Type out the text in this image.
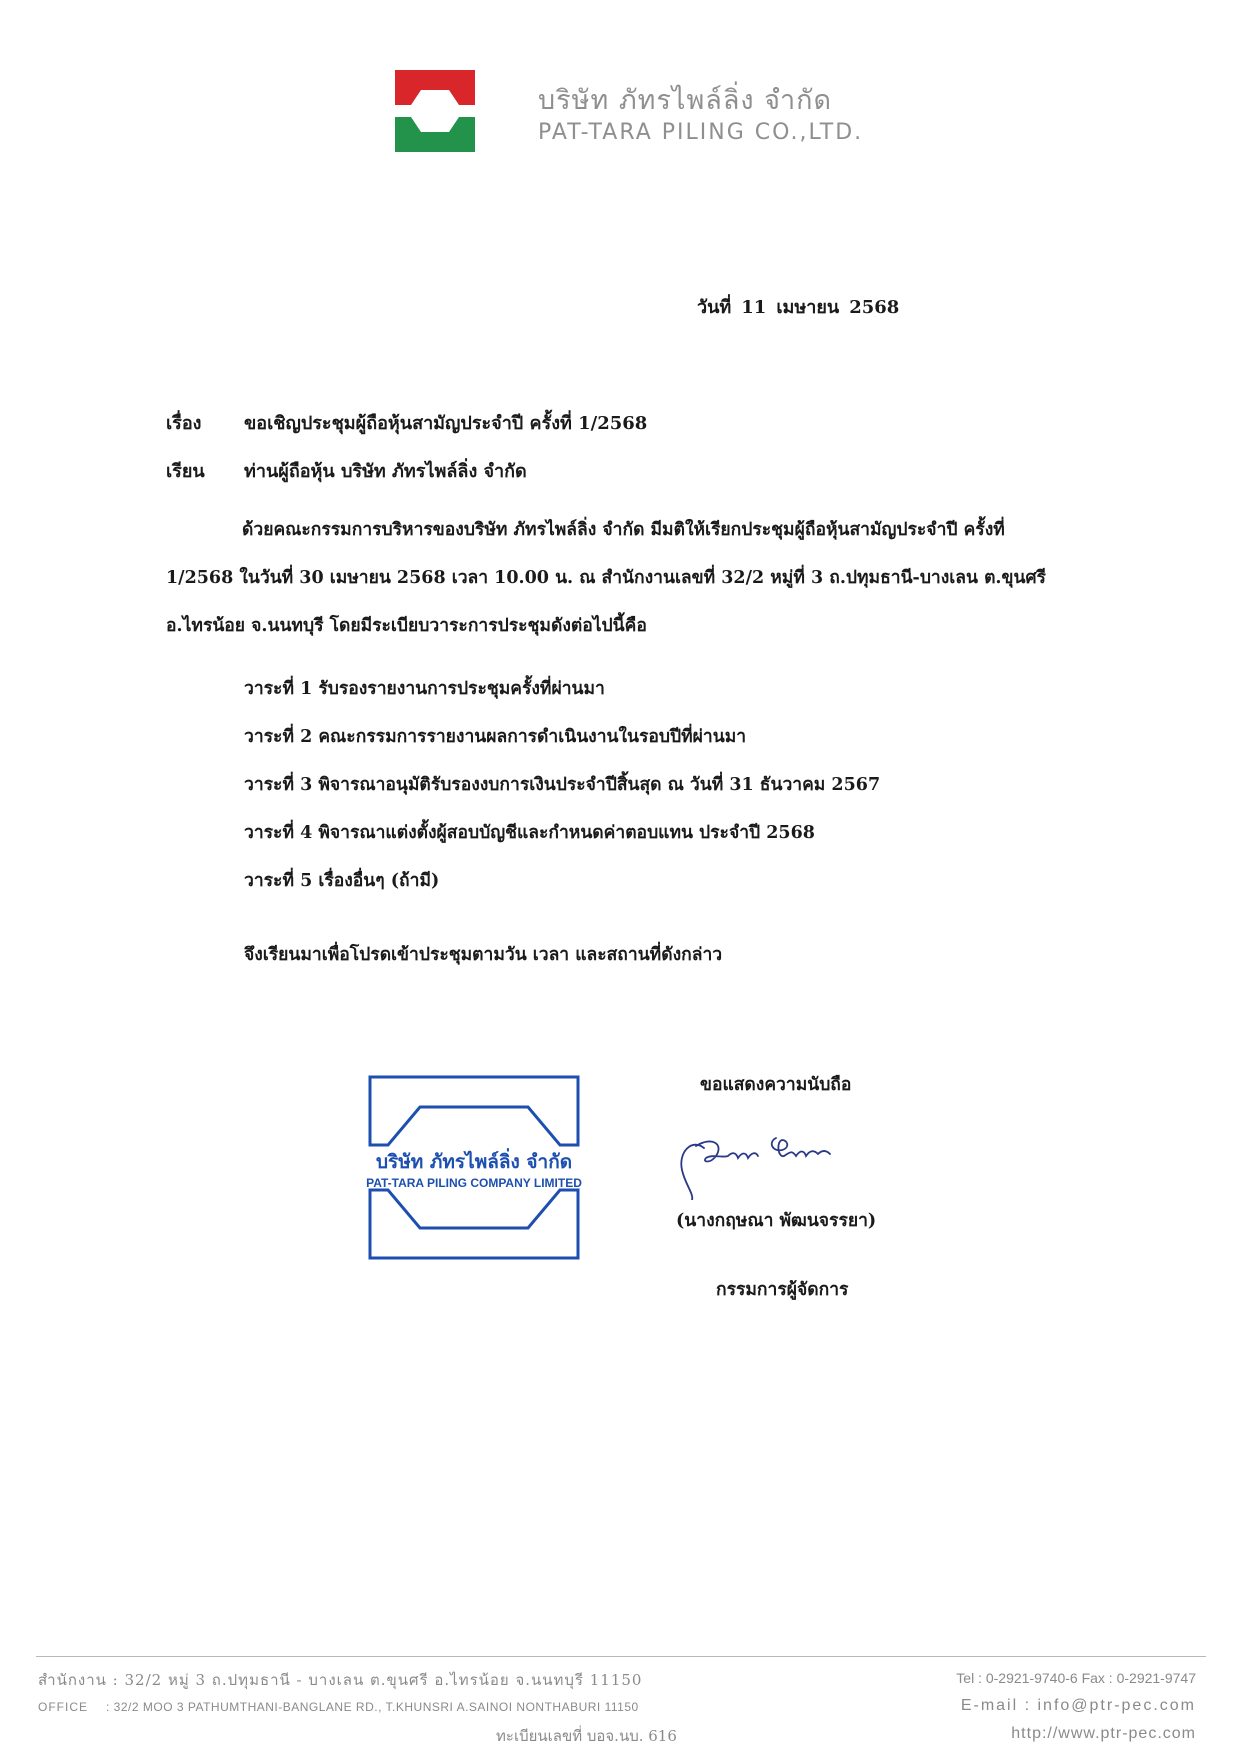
บริษัท ภัทรไพล์ลิ่ง จำกัด
PAT-TARA PILING CO.,LTD.
วันที่ 11 เมษายน 2568
เรื่อง ขอเชิญประชุมผู้ถือหุ้นสามัญประจำปี ครั้งที่ 1/2568
เรียน ท่านผู้ถือหุ้น บริษัท ภัทรไพล์ลิ่ง จำกัด
ด้วยคณะกรรมการบริหารของบริษัท ภัทรไพล์ลิ่ง จำกัด มีมติให้เรียกประชุมผู้ถือหุ้นสามัญประจำปี ครั้งที่
1/2568 ในวันที่ 30 เมษายน 2568 เวลา 10.00 น. ณ สำนักงานเลขที่ 32/2 หมู่ที่ 3 ถ.ปทุมธานี-บางเลน ต.ขุนศรี
อ.ไทรน้อย จ.นนทบุรี โดยมีระเบียบวาระการประชุมดังต่อไปนี้คือ
วาระที่ 1 รับรองรายงานการประชุมครั้งที่ผ่านมา
วาระที่ 2 คณะกรรมการรายงานผลการดำเนินงานในรอบปีที่ผ่านมา
วาระที่ 3 พิจารณาอนุมัติรับรองงบการเงินประจำปีสิ้นสุด ณ วันที่ 31 ธันวาคม 2567
วาระที่ 4 พิจารณาแต่งตั้งผู้สอบบัญชีและกำหนดค่าตอบแทน ประจำปี 2568
วาระที่ 5 เรื่องอื่นๆ (ถ้ามี)
จึงเรียนมาเพื่อโปรดเข้าประชุมตามวัน เวลา และสถานที่ดังกล่าว
บริษัท ภัทรไพล์ลิ่ง จำกัด
PAT-TARA PILING COMPANY LIMITED
ขอแสดงความนับถือ
(นางกฤษณา พัฒนจรรยา)
กรรมการผู้จัดการ
สำนักงาน : 32/2 หมู่ 3 ถ.ปทุมธานี - บางเลน ต.ขุนศรี อ.ไทรน้อย จ.นนทบุรี 11150
OFFICE : 32/2 MOO 3 PATHUMTHANI-BANGLANE RD., T.KHUNSRI A.SAINOI NONTHABURI 11150
ทะเบียนเลขที่ บอจ.นบ. 616
Tel : 0-2921-9740-6 Fax : 0-2921-9747
E-mail : info@ptr-pec.com
http://www.ptr-pec.com
